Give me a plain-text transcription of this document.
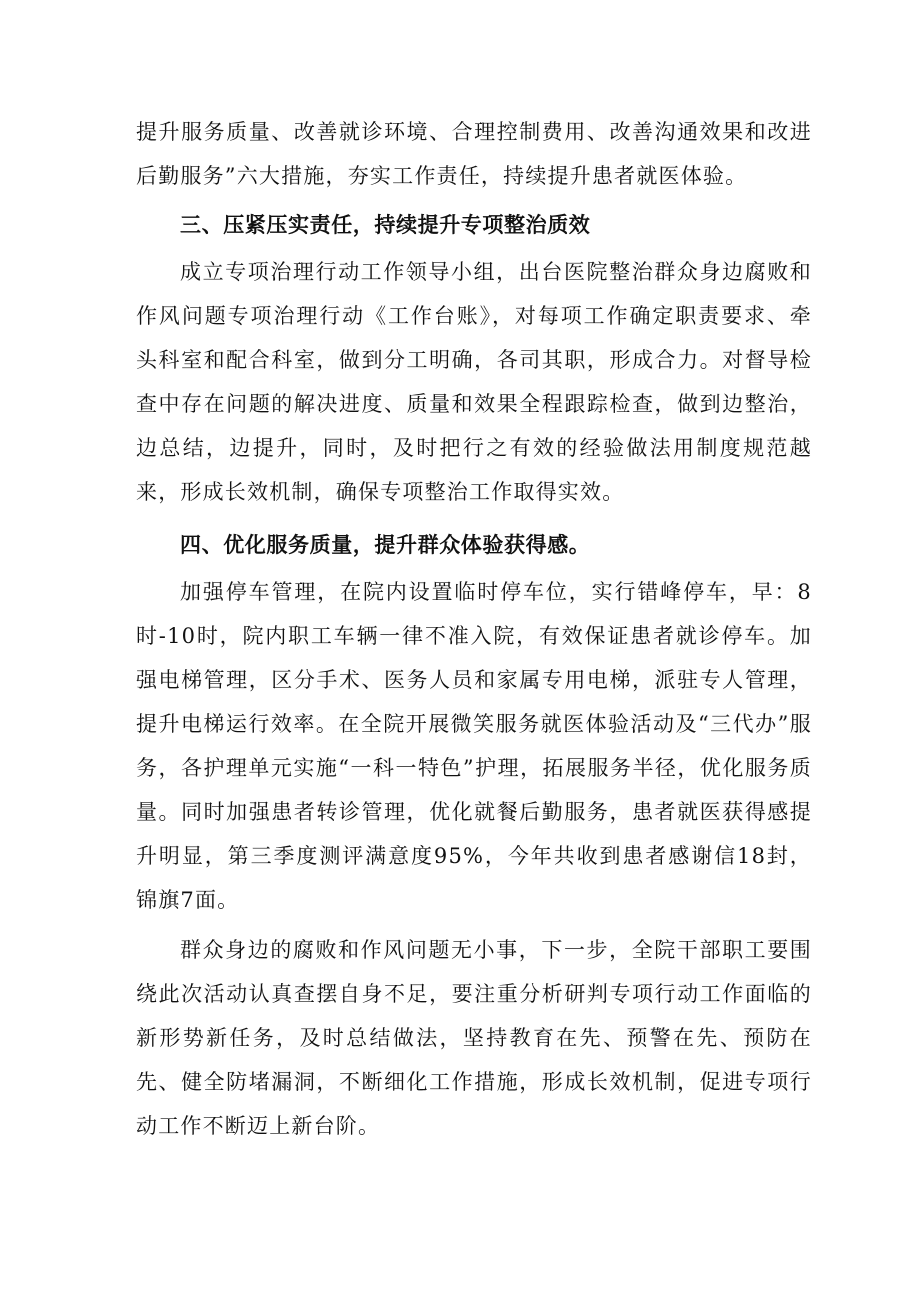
提升服务质量、改善就诊环境、合理控制费用、改善沟通效果和改进后勤服务”六大措施，夯实工作责任，持续提升患者就医体验。

三、压紧压实责任，持续提升专项整治质效

成立专项治理行动工作领导小组，出台医院整治群众身边腐败和作风问题专项治理行动《工作台账》，对每项工作确定职责要求、牵头科室和配合科室，做到分工明确，各司其职，形成合力。对督导检查中存在问题的解决进度、质量和效果全程跟踪检查，做到边整治，边总结，边提升，同时，及时把行之有效的经验做法用制度规范越来，形成长效机制，确保专项整治工作取得实效。

四、优化服务质量，提升群众体验获得感。

加强停车管理，在院内设置临时停车位，实行错峰停车，早：8时-10时，院内职工车辆一律不准入院，有效保证患者就诊停车。加强电梯管理，区分手术、医务人员和家属专用电梯，派驻专人管理，提升电梯运行效率。在全院开展微笑服务就医体验活动及“三代办”服务，各护理单元实施“一科一特色”护理，拓展服务半径，优化服务质量。同时加强患者转诊管理，优化就餐后勤服务，患者就医获得感提升明显，第三季度测评满意度95%，今年共收到患者感谢信18封，锦旗7面。

群众身边的腐败和作风问题无小事，下一步，全院干部职工要围绕此次活动认真查摆自身不足，要注重分析研判专项行动工作面临的新形势新任务，及时总结做法，坚持教育在先、预警在先、预防在先、健全防堵漏洞，不断细化工作措施，形成长效机制，促进专项行动工作不断迈上新台阶。
